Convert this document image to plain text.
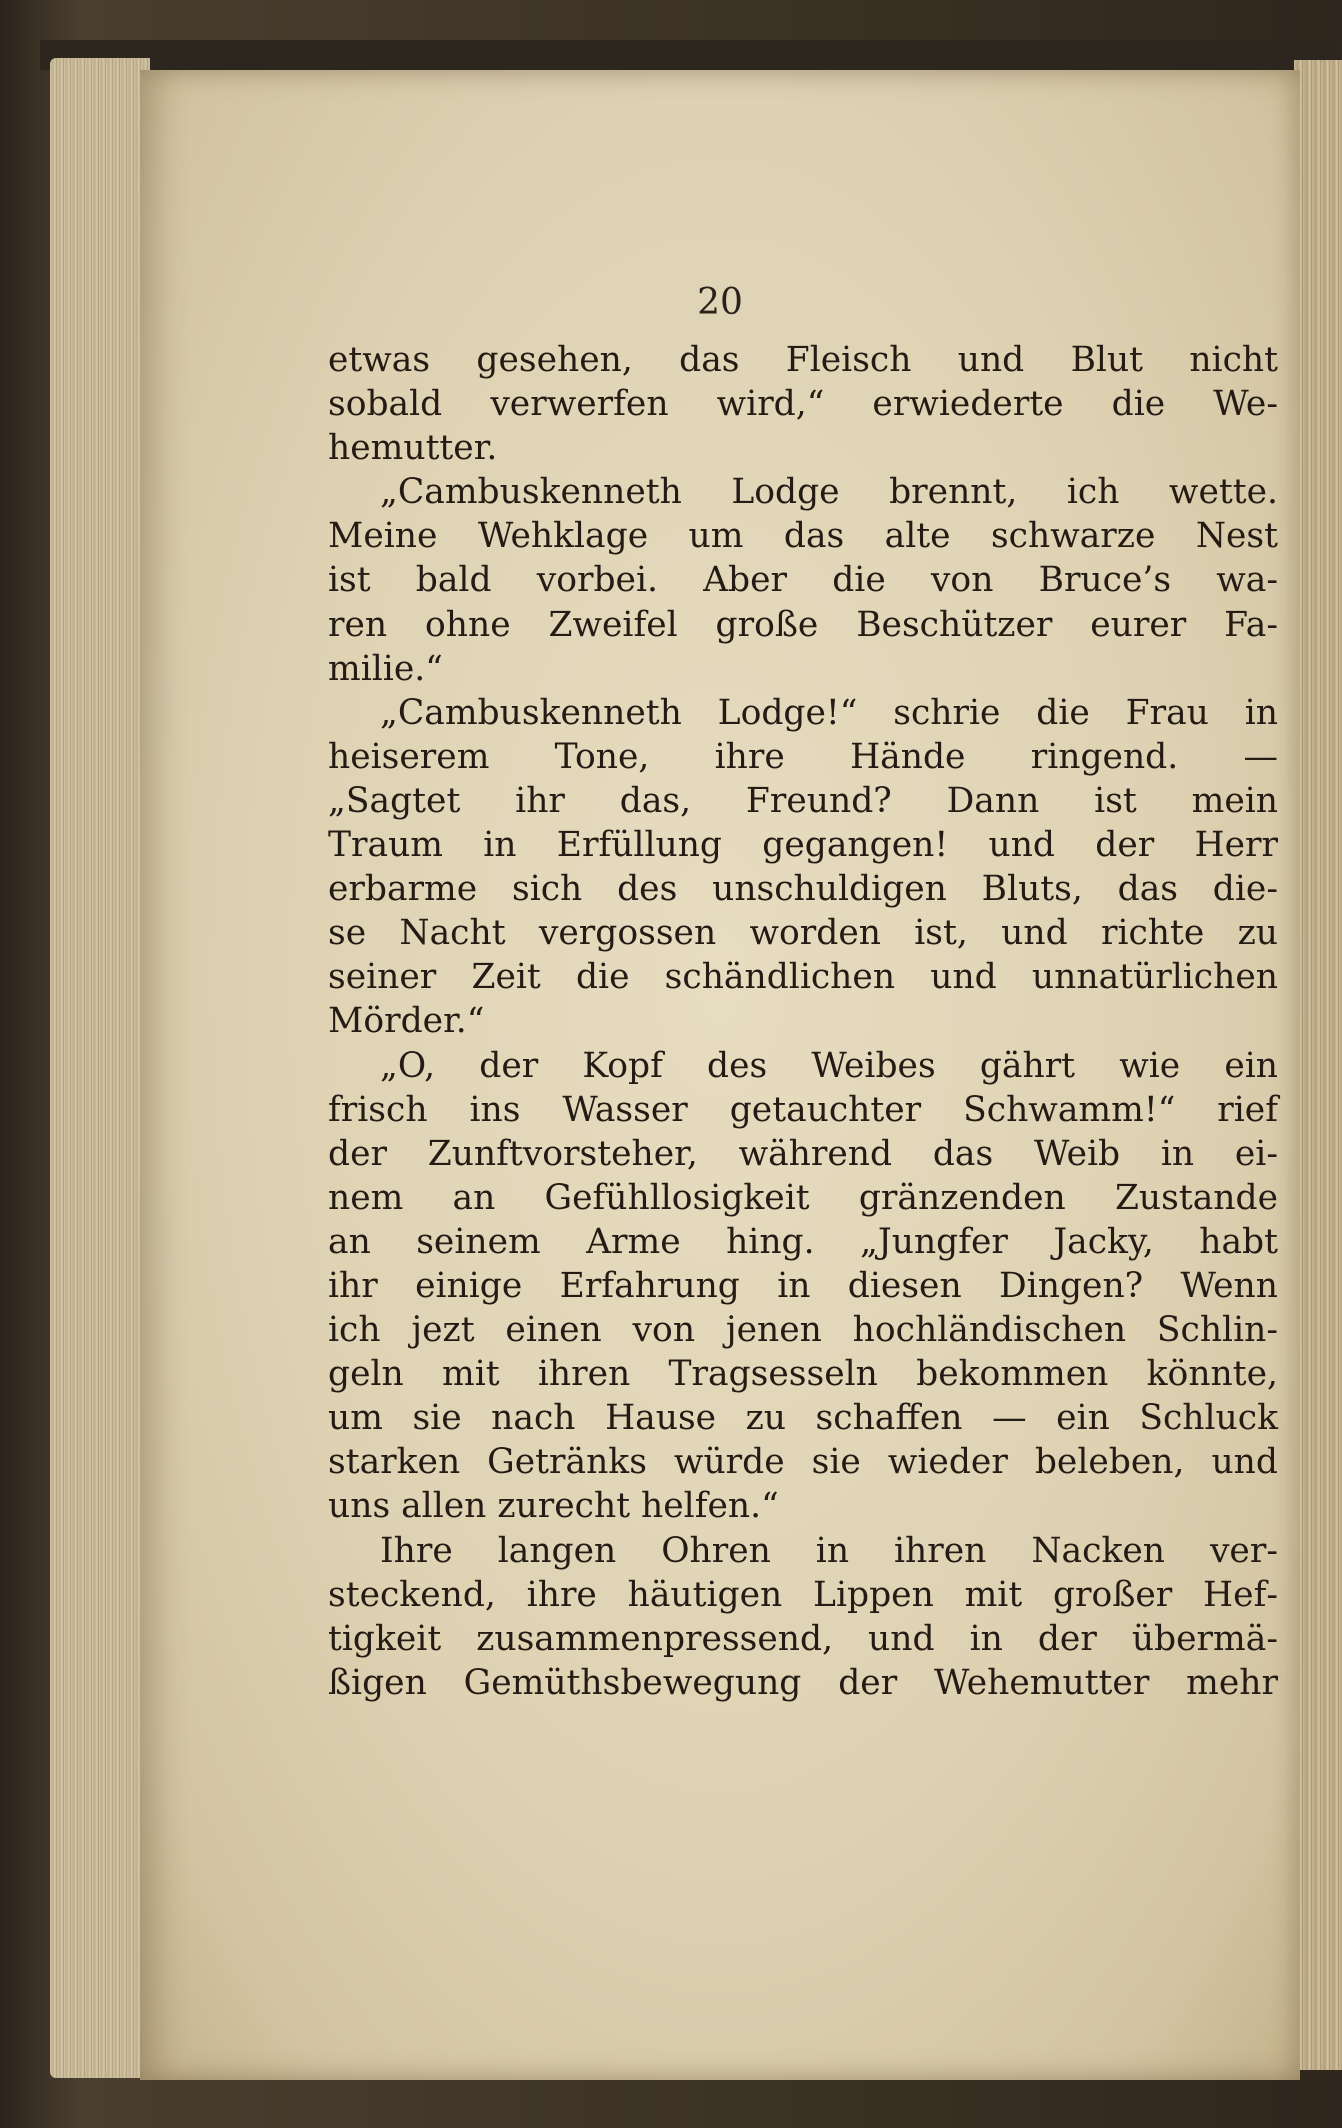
20
etwas gesehen, das Fleisch und Blut nicht
sobald verwerfen wird,“ erwiederte die We‑
hemutter.
„Cambuskenneth Lodge brennt, ich wette.
Meine Wehklage um das alte schwarze Nest
ist bald vorbei. Aber die von Bruce’s wa‑
ren ohne Zweifel große Beschützer eurer Fa‑
milie.“
„Cambuskenneth Lodge!“ schrie die Frau in
heiserem Tone, ihre Hände ringend. —
„Sagtet ihr das, Freund? Dann ist mein
Traum in Erfüllung gegangen! und der Herr
erbarme sich des unschuldigen Bluts, das die‑
se Nacht vergossen worden ist, und richte zu
seiner Zeit die schändlichen und unnatürlichen
Mörder.“
„O, der Kopf des Weibes gährt wie ein
frisch ins Wasser getauchter Schwamm!“ rief
der Zunftvorsteher, während das Weib in ei‑
nem an Gefühllosigkeit gränzenden Zustande
an seinem Arme hing. „Jungfer Jacky, habt
ihr einige Erfahrung in diesen Dingen? Wenn
ich jezt einen von jenen hochländischen Schlin‑
geln mit ihren Tragsesseln bekommen könnte,
um sie nach Hause zu schaffen — ein Schluck
starken Getränks würde sie wieder beleben, und
uns allen zurecht helfen.“
Ihre langen Ohren in ihren Nacken ver‑
steckend, ihre häutigen Lippen mit großer Hef‑
tigkeit zusammenpressend, und in der übermä‑
ßigen Gemüthsbewegung der Wehemutter mehr
